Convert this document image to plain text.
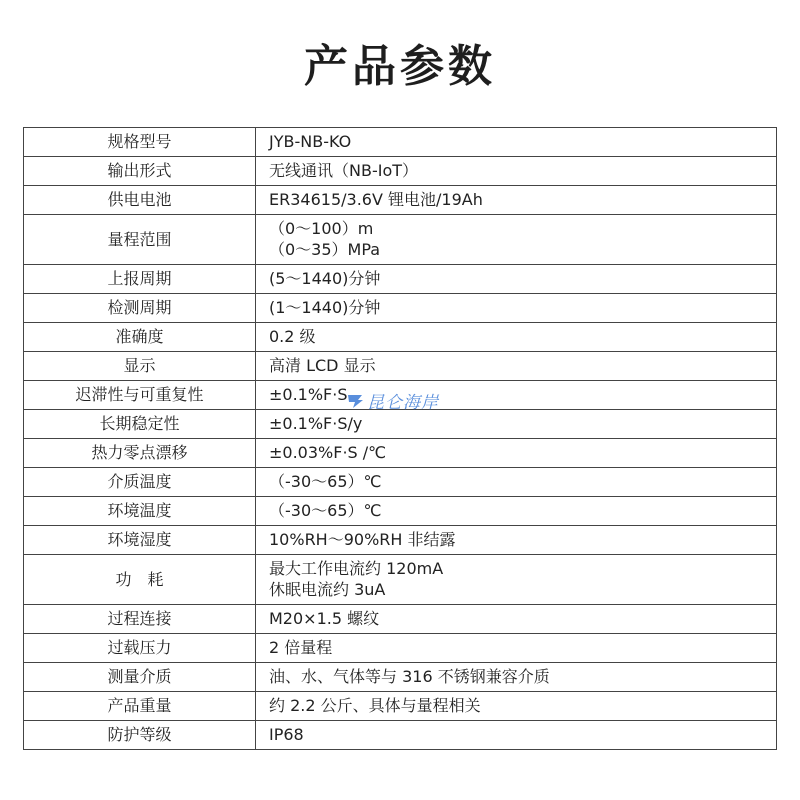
产品参数
规格型号	JYB-NB-KO

输出形式	无线通讯（NB-IoT）

供电电池	ER34615/3.6V 锂电池/19Ah

量程范围	（0～100）m
（0～35）MPa

上报周期	(5～1440)分钟

检测周期	(1～1440)分钟

准确度	0.2 级

显示	高清 LCD 显示

迟滞性与可重复性	±0.1%F·S

长期稳定性	±0.1%F·S/y

热力零点漂移	±0.03%F·S /℃

介质温度	（-30～65）℃

环境温度	（-30～65）℃

环境湿度	10%RH～90%RH 非结露

功　耗	最大工作电流约 120mA
休眠电流约 3uA

过程连接	M20×1.5 螺纹

过载压力	2 倍量程

测量介质	油、水、气体等与 316 不锈钢兼容介质

产品重量	约 2.2 公斤、具体与量程相关

防护等级	IP68
昆仑海岸
